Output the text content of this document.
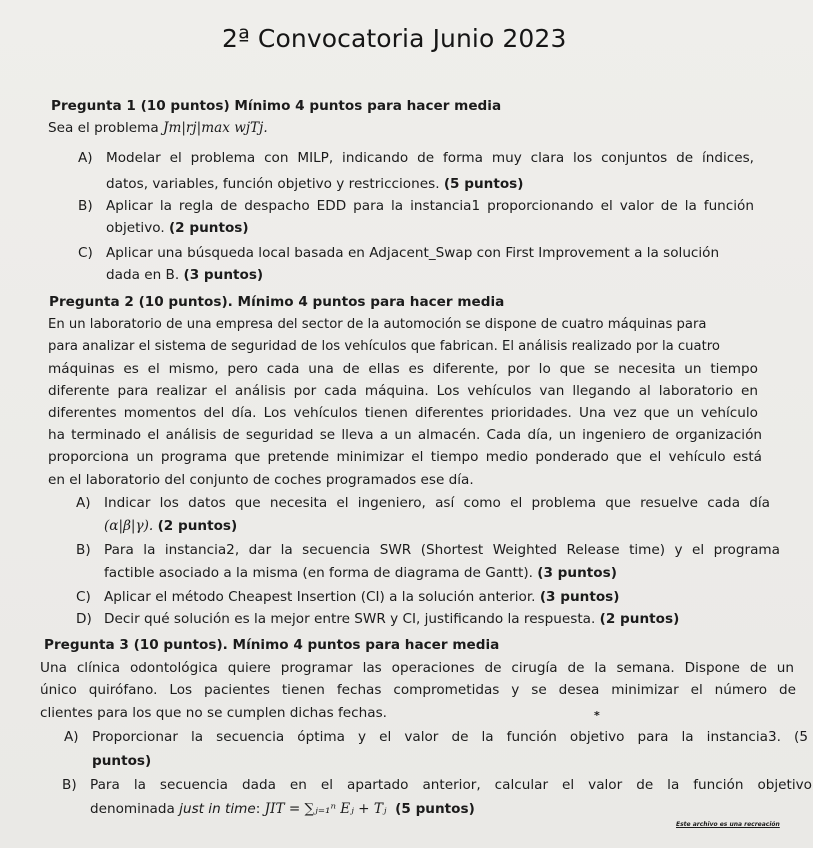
2ª Convocatoria Junio 2023
Pregunta 1 (10 puntos) Mínimo 4 puntos para hacer media
Sea el problema Jm|rj|max wjTj.
A) Modelar el problema con MILP, indicando de forma muy clara los conjuntos de índices,
datos, variables, función objetivo y restricciones. (5 puntos)
B) Aplicar la regla de despacho EDD para la instancia1 proporcionando el valor de la función
objetivo. (2 puntos)
C) Aplicar una búsqueda local basada en Adjacent_Swap con First Improvement a la solución
dada en B. (3 puntos)
Pregunta 2 (10 puntos). Mínimo 4 puntos para hacer media
En un laboratorio de una empresa del sector de la automoción se dispone de cuatro máquinas para
para analizar el sistema de seguridad de los vehículos que fabrican. El análisis realizado por la cuatro
máquinas es el mismo, pero cada una de ellas es diferente, por lo que se necesita un tiempo
diferente para realizar el análisis por cada máquina. Los vehículos van llegando al laboratorio en
diferentes momentos del día. Los vehículos tienen diferentes prioridades. Una vez que un vehículo
ha terminado el análisis de seguridad se lleva a un almacén. Cada día, un ingeniero de organización
proporciona un programa que pretende minimizar el tiempo medio ponderado que el vehículo está
en el laboratorio del conjunto de coches programados ese día.
A) Indicar los datos que necesita el ingeniero, así como el problema que resuelve cada día
(α|β|γ). (2 puntos)
B) Para la instancia2, dar la secuencia SWR (Shortest Weighted Release time) y el programa
factible asociado a la misma (en forma de diagrama de Gantt). (3 puntos)
C) Aplicar el método Cheapest Insertion (CI) a la solución anterior. (3 puntos)
D) Decir qué solución es la mejor entre SWR y CI, justificando la respuesta. (2 puntos)
Pregunta 3 (10 puntos). Mínimo 4 puntos para hacer media
Una clínica odontológica quiere programar las operaciones de cirugía de la semana. Dispone de un
único quirófano. Los pacientes tienen fechas comprometidas y se desea minimizar el número de
clientes para los que no se cumplen dichas fechas.	*
A) Proporcionar la secuencia óptima y el valor de la función objetivo para la instancia3. (5
puntos)
B) Para la secuencia dada en el apartado anterior, calcular el valor de la función objetivo
denominada just in time: JIT = ∑ⱼ₌₁ⁿ Eⱼ + Tⱼ (5 puntos)
Este archivo es una recreación
